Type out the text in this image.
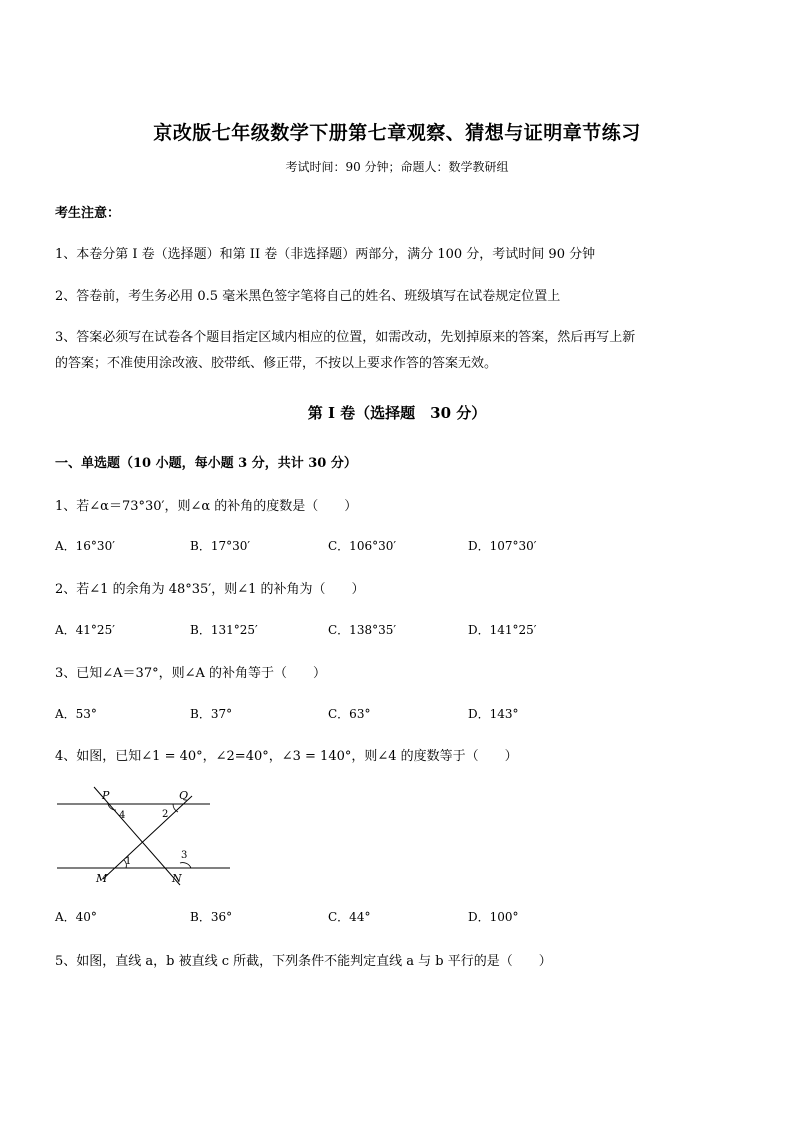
京改版七年级数学下册第七章观察、猜想与证明章节练习
考试时间：90 分钟；命题人：数学教研组
考生注意：
1、本卷分第 I 卷（选择题）和第 II 卷（非选择题）两部分，满分 100 分，考试时间 90 分钟
2、答卷前，考生务必用 0.5 毫米黑色签字笔将自己的姓名、班级填写在试卷规定位置上
3、答案必须写在试卷各个题目指定区域内相应的位置，如需改动，先划掉原来的答案，然后再写上新
的答案；不准使用涂改液、胶带纸、修正带，不按以上要求作答的答案无效。
第 I 卷（选择题　30 分）
一、单选题（10 小题，每小题 3 分，共计 30 分）
1、若∠α＝73°30′，则∠α 的补角的度数是（　　）
A．16°30′	B．17°30′	C．106°30′	D．107°30′
2、若∠1 的余角为 48°35′，则∠1 的补角为（　　）
A．41°25′	B．131°25′	C．138°35′	D．141°25′
3、已知∠A＝37°，则∠A 的补角等于（　　）
A．53°	B．37°	C．63°	D．143°
4、如图，已知∠1 = 40°，∠2=40°，∠3 = 140°，则∠4 的度数等于（　　）
P	Q
M	N
4	2
1
3
A．40°	B．36°	C．44°	D．100°
5、如图，直线 a，b 被直线 c 所截，下列条件不能判定直线 a 与 b 平行的是（　　）
